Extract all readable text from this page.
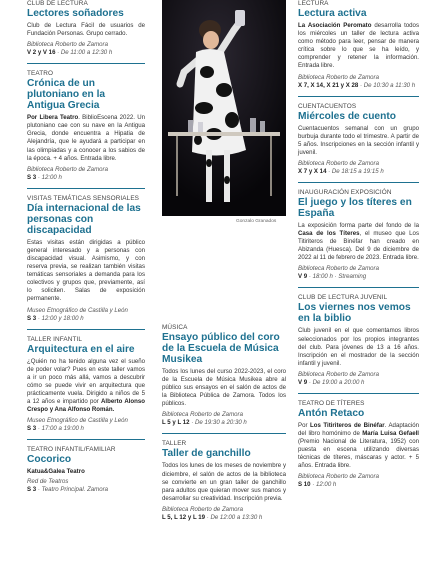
CLUB DE LECTURA
Lectores soñadores
Club de Lectura Fácil de usuarios de Fundación Personas. Grupo cerrado.
Biblioteca Roberto de Zamora
V 2 y V 16 · De 11:00 a 12:30 h
TEATRO
Crónica de un plutoniano en la Antigua Grecia
Por Libera Teatro. BiblioEscena 2022. Un plutoniano cae con su nave en la Antigua Grecia, donde encuentra a Hipatia de Alejandría, que le ayudará a participar en las olimpiadas y a conocer a los sabios de la época. + 4 años. Entrada libre.
Biblioteca Roberto de Zamora
S 3 · 12:00 h
VISITAS TEMÁTICAS SENSORIALES
Día internacional de las personas con discapacidad
Estas visitas están dirigidas a público general interesado y a personas con discapacidad visual. Asimismo, y con reserva previa, se realizan también visitas temáticas sensoriales a demanda para los colectivos y grupos que, previamente, así lo soliciten. Salas de exposición permanente.
Museo Etnográfico de Castilla y León
S 3 · 12:00 y 18:00 h
TALLER INFANTIL
Arquitectura en el aire
¿Quién no ha tenido alguna vez el sueño de poder volar? Pues en este taller vamos a ir un poco más allá, vamos a descubrir cómo se puede vivir en arquitectura que prácticamente vuela. Dirigido a niños de 5 a 12 años e impartido por Alberto Alonso Crespo y Ana Alfonso Román.
Museo Etnográfico de Castilla y León
S 3 · 17:00 a 19:00 h
TEATRO INFANTIL/FAMILIAR
Cocorico
Katua&Galea Teatro
Red de Teatros
S 3 · Teatro Principal. Zamora
Gonzalo Granados
MÚSICA
Ensayo público del coro de la Escuela de Música Musikea
Todos los lunes del curso 2022-2023, el coro de la Escuela de Música Musikea abre al público sus ensayos en el salón de actos de la Biblioteca Pública de Zamora. Todos los públicos.
Biblioteca Roberto de Zamora
L 5 y L 12 · De 19:30 a 20:30 h
TALLER
Taller de ganchillo
Todos los lunes de los meses de noviembre y diciembre, el salón de actos de la biblioteca se convierte en un gran taller de ganchillo para adultos que quieran mover sus manos y desarrollar su creatividad. Inscripción previa.
Biblioteca Roberto de Zamora
L 5, L 12 y L 19 · De 12:00 a 13:30 h
LECTURA
Lectura activa
La Asociación Peromato desarrolla todos los miércoles un taller de lectura activa como método para leer, pensar de manera crítica sobre lo que se ha leído, y comprender y retener la información. Entrada libre.
Biblioteca Roberto de Zamora
X 7, X 14, X 21 y X 28 · De 10:30 a 11:30 h
CUENTACUENTOS
Miércoles de cuento
Cuentacuentos semanal con un grupo burbuja durante todo el trimestre. A partir de 5 años. Inscripciones en la sección infantil y juvenil.
Biblioteca Roberto de Zamora
X 7 y X 14 · De 18:15 a 19:15 h
INAUGURACIÓN EXPOSICIÓN
El juego y los títeres en España
La exposición forma parte del fondo de la Casa de los Títeres, el museo que Los Titiriteros de Binéfar han creado en Abizanda (Huesca). Del 9 de diciembre de 2022 al 11 de febrero de 2023. Entrada libre.
Biblioteca Roberto de Zamora
V 9 · 18:00 h · Streaming
CLUB DE LECTURA JUVENIL
Los viernes nos vemos en la biblio
Club juvenil en el que comentamos libros seleccionados por los propios integrantes del club. Para jóvenes de 13 a 16 años. Inscripción en el mostrador de la sección infantil y juvenil.
Biblioteca Roberto de Zamora
V 9 · De 19:00 a 20:00 h
TEATRO DE TÍTERES
Antón Retaco
Por Los Titiriteros de Binéfar. Adaptación del libro homónimo de María Luisa Gefaell (Premio Nacional de Literatura, 1952) con puesta en escena utilizando diversas técnicas de títeres, máscaras y actor. + 5 años. Entrada libre.
Biblioteca Roberto de Zamora
S 10 · 12:00 h
